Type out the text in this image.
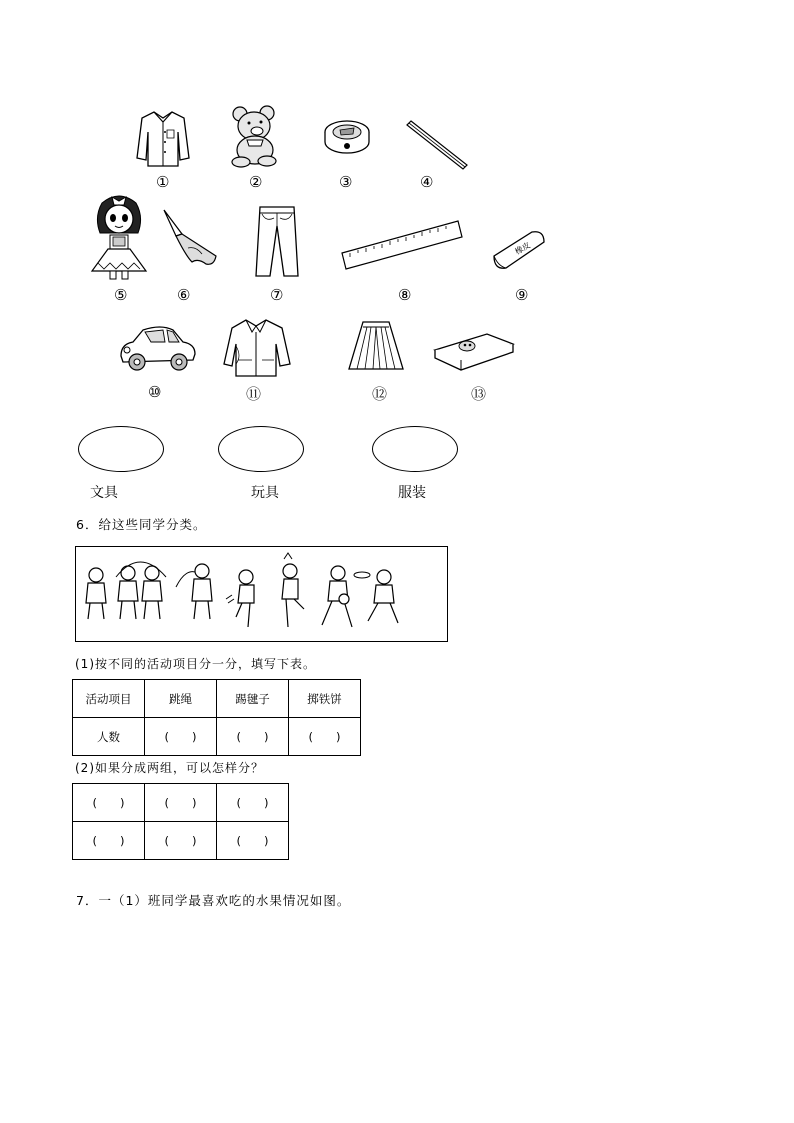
①	②	③	④
橡皮
⑤	⑥	⑦	⑧	⑨
⑩	⑪	⑫	⑬
文具	玩具	服装
6．给这些同学分类。
(1)按不同的活动项目分一分，填写下表。
活动项目	跳绳	踢毽子	掷铁饼
人数	(　　)	(　　)	(　　)
(2)如果分成两组，可以怎样分？
(　　)	(　　)	(　　)
(　　)	(　　)	(　　)
7．一（1）班同学最喜欢吃的水果情况如图。
